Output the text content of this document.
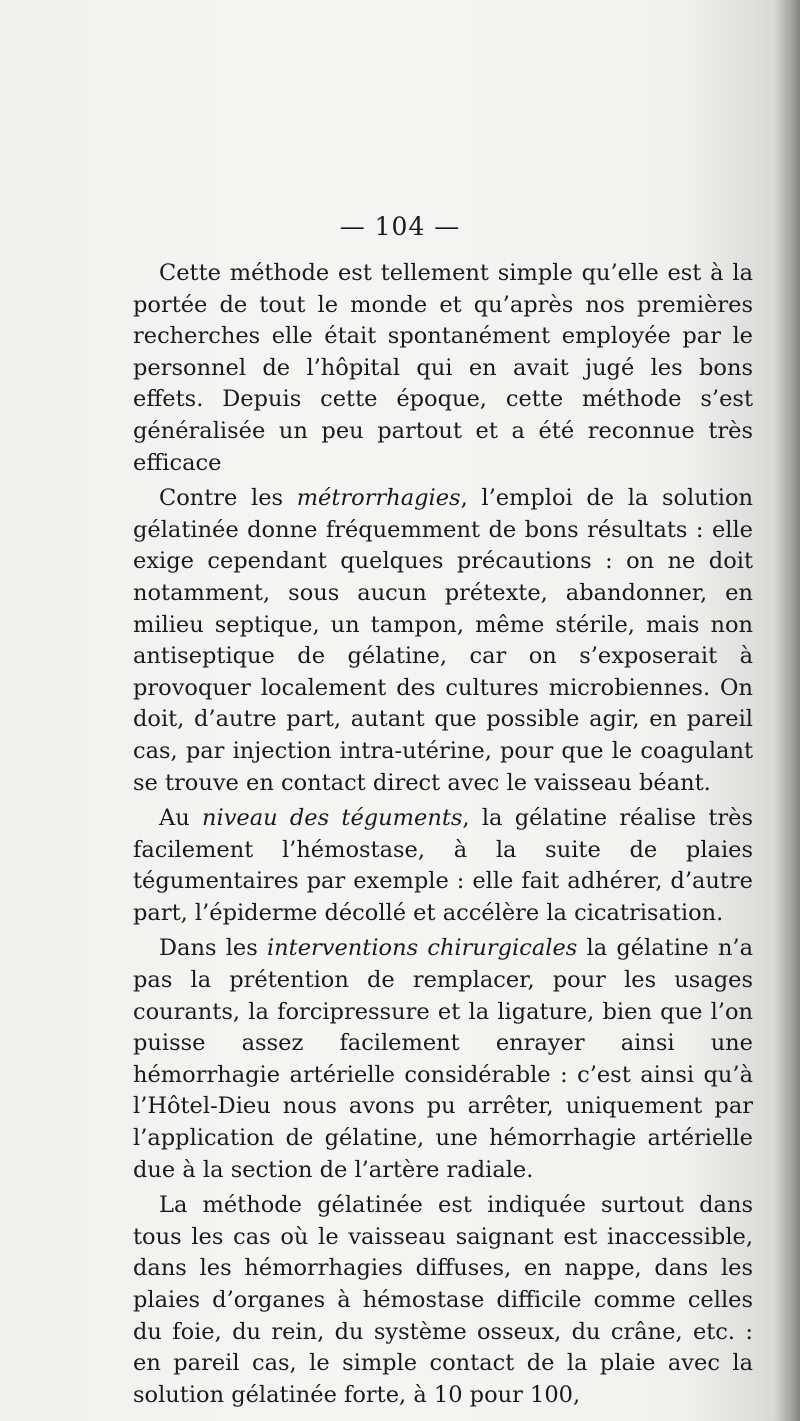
— 104 —

Cette méthode est tellement simple qu’elle est à la portée de tout le monde et qu’après nos premières recherches elle était spontanément employée par le personnel de l’hôpital qui en avait jugé les bons effets. Depuis cette époque, cette méthode s’est généralisée un peu partout et a été reconnue très efficace

Contre les métrorrhagies, l’emploi de la solution gélatinée donne fréquemment de bons résultats : elle exige cependant quelques précautions : on ne doit notamment, sous aucun prétexte, abandonner, en milieu septique, un tampon, même stérile, mais non antiseptique de gélatine, car on s’exposerait à provoquer localement des cultures microbiennes. On doit, d’autre part, autant que possible agir, en pareil cas, par injection intra-utérine, pour que le coagulant se trouve en contact direct avec le vaisseau béant.

Au niveau des téguments, la gélatine réalise très facilement l’hémostase, à la suite de plaies tégumentaires par exemple : elle fait adhérer, d’autre part, l’épiderme décollé et accélère la cicatrisation.

Dans les interventions chirurgicales la gélatine n’a pas la prétention de remplacer, pour les usages courants, la forcipressure et la ligature, bien que l’on puisse assez facilement enrayer ainsi une hémorrhagie artérielle considérable : c’est ainsi qu’à l’Hôtel-Dieu nous avons pu arrêter, uniquement par l’application de gélatine, une hémorrhagie artérielle due à la section de l’artère radiale.

La méthode gélatinée est indiquée surtout dans tous les cas où le vaisseau saignant est inaccessible, dans les hémorrhagies diffuses, en nappe, dans les plaies d’organes à hémostase difficile comme celles du foie, du rein, du système osseux, du crâne, etc. : en pareil cas, le simple contact de la plaie avec la solution gélatinée forte, à 10 pour 100,
